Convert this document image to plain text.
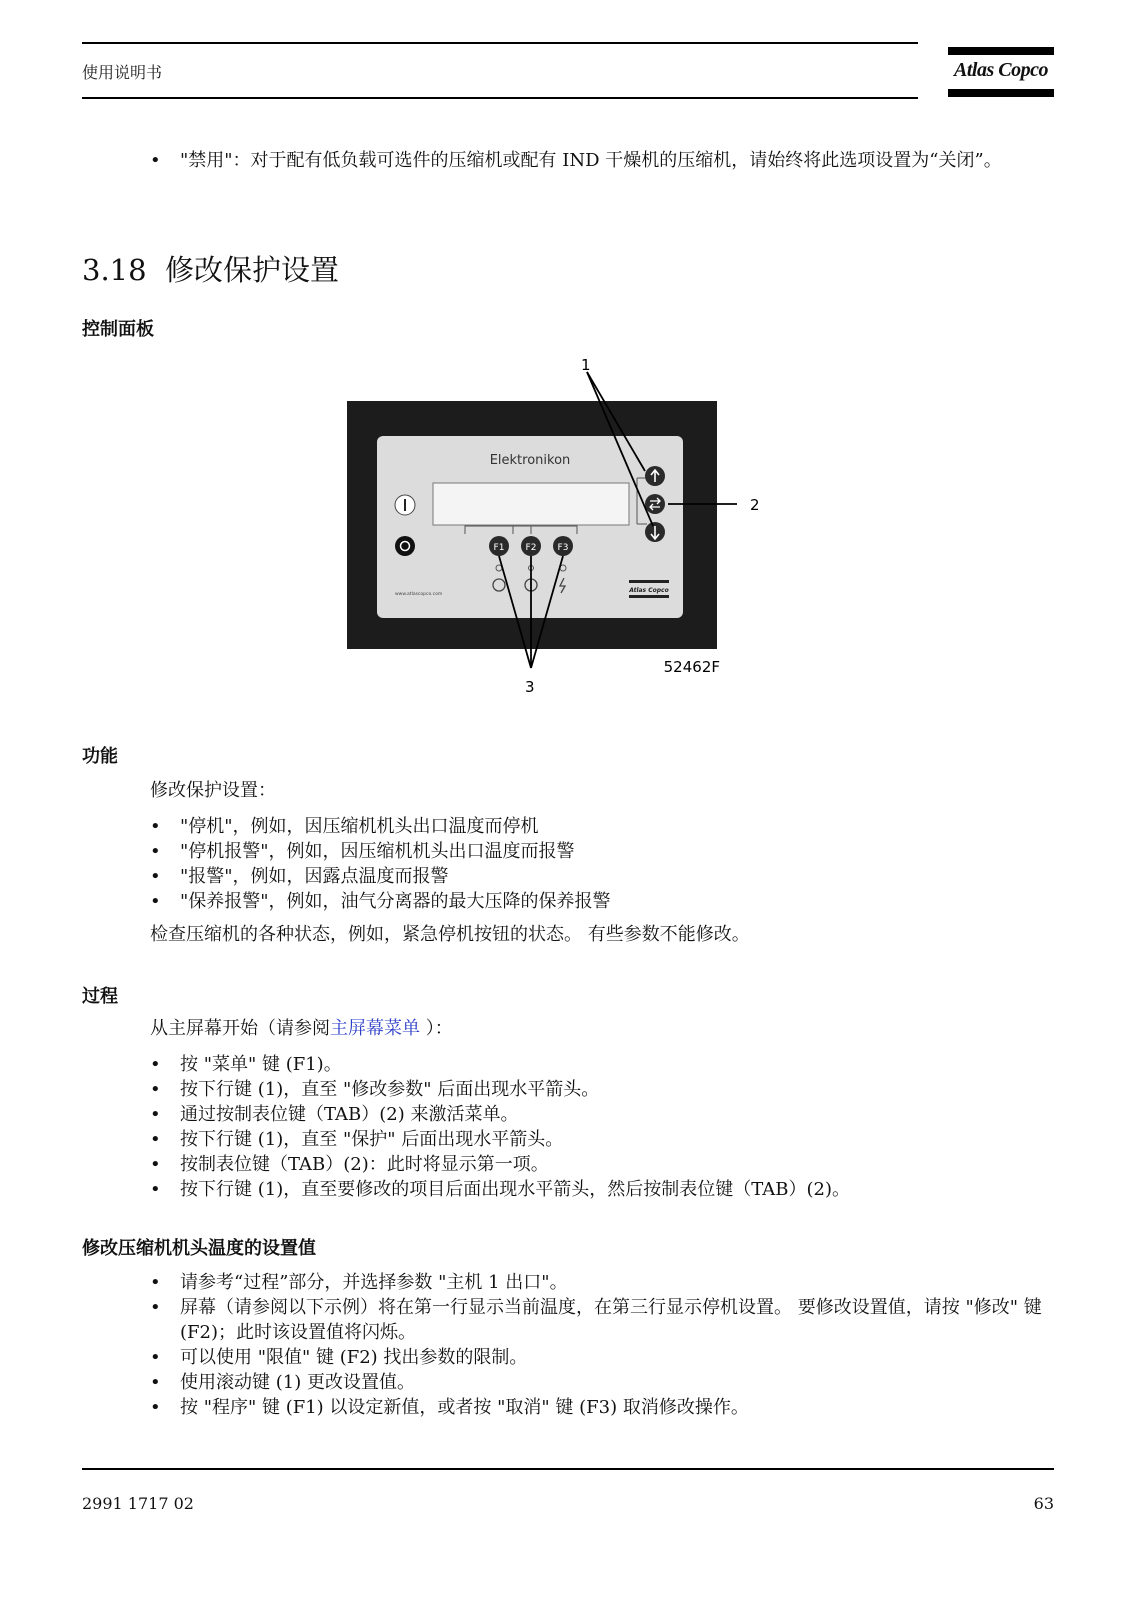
使用说明书	Atlas Copco
• "禁用"：对于配有低负载可选件的压缩机或配有 IND 干燥机的压缩机，请始终将此选项设置为“关闭”。
3.18 修改保护设置
控制面板
Elektronikon
F1 F2 F3
www.atlascopco.com
Atlas Copco
1
2
3
52462F
功能
修改保护设置：
• "停机"，例如，因压缩机机头出口温度而停机
• "停机报警"，例如，因压缩机机头出口温度而报警
• "报警"，例如，因露点温度而报警
• "保养报警"，例如，油气分离器的最大压降的保养报警
检查压缩机的各种状态，例如，紧急停机按钮的状态。 有些参数不能修改。
过程
从主屏幕开始（请参阅主屏幕菜单 ）：
• 按 "菜单" 键 (F1)。
• 按下行键 (1)，直至 "修改参数" 后面出现水平箭头。
• 通过按制表位键（TAB）(2) 来激活菜单。
• 按下行键 (1)，直至 "保护" 后面出现水平箭头。
• 按制表位键（TAB）(2)：此时将显示第一项。
• 按下行键 (1)，直至要修改的项目后面出现水平箭头，然后按制表位键（TAB）(2)。
修改压缩机机头温度的设置值
• 请参考“过程”部分，并选择参数 "主机 1 出口"。
• 屏幕（请参阅以下示例）将在第一行显示当前温度，在第三行显示停机设置。 要修改设置值，请按 "修改" 键 (F2)；此时该设置值将闪烁。
• 可以使用 "限值" 键 (F2) 找出参数的限制。
• 使用滚动键 (1) 更改设置值。
• 按 "程序" 键 (F1) 以设定新值，或者按 "取消" 键 (F3) 取消修改操作。
2991 1717 02	63
